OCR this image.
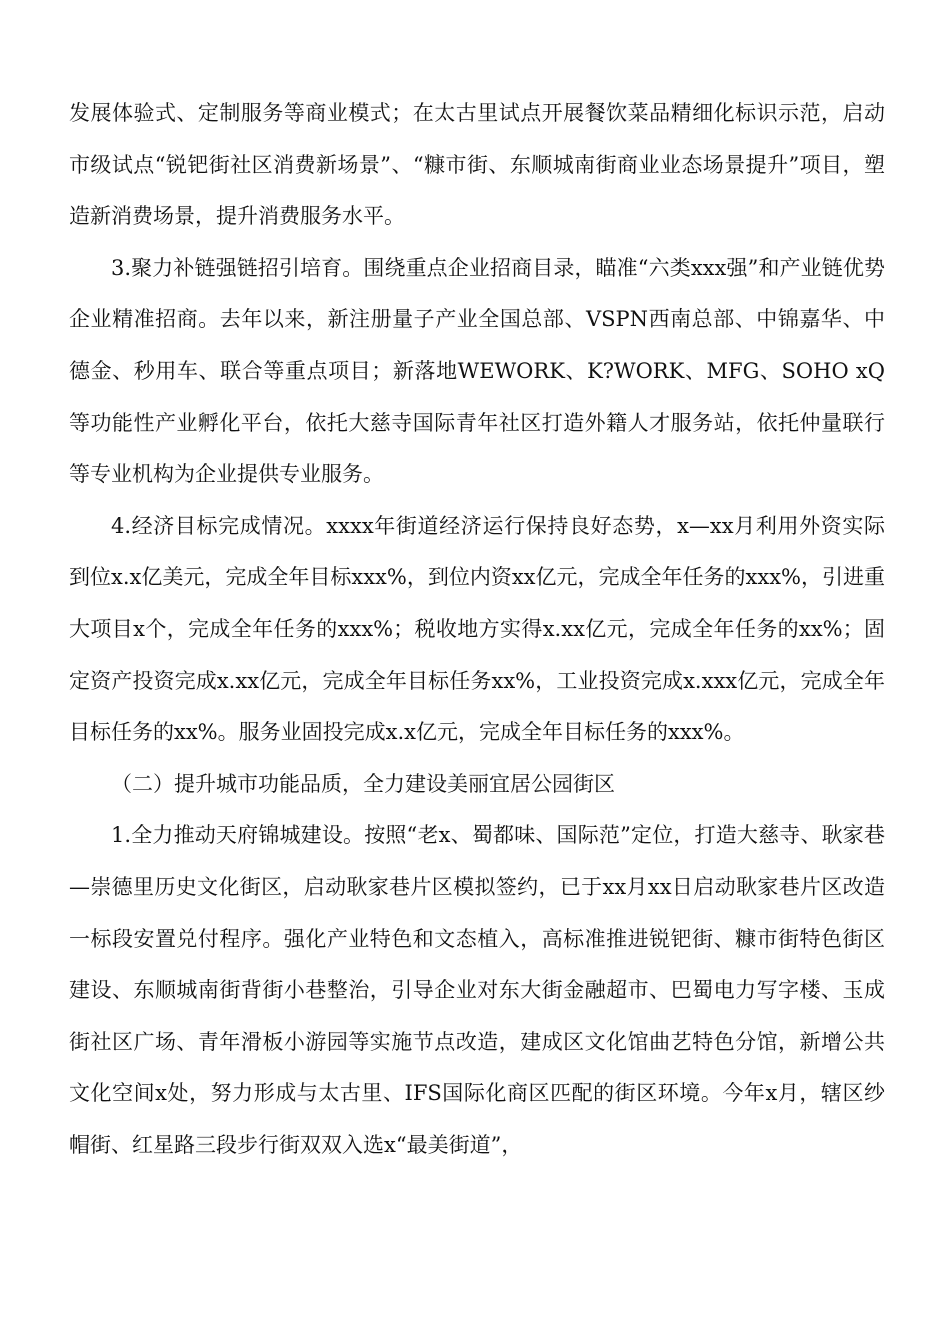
发展体验式、定制服务等商业模式；在太古里试点开展餐饮菜品精细化标识示范，启动市级试点“锐钯街社区消费新场景”、“糠市街、东顺城南街商业业态场景提升”项目，塑造新消费场景，提升消费服务水平。

3.聚力补链强链招引培育。围绕重点企业招商目录，瞄准“六类xxx强”和产业链优势企业精准招商。去年以来，新注册量子产业全国总部、VSPN西南总部、中锦嘉华、中德金、秒用车、联合等重点项目；新落地WEWORK、K?WORK、MFG、SOHO xQ等功能性产业孵化平台，依托大慈寺国际青年社区打造外籍人才服务站，依托仲量联行等专业机构为企业提供专业服务。

4.经济目标完成情况。xxxx年街道经济运行保持良好态势，x—xx月利用外资实际到位x.x亿美元，完成全年目标xxx%，到位内资xx亿元，完成全年任务的xxx%，引进重大项目x个，完成全年任务的xxx%；税收地方实得x.xx亿元，完成全年任务的xx%；固定资产投资完成x.xx亿元，完成全年目标任务xx%，工业投资完成x.xxx亿元，完成全年目标任务的xx%。服务业固投完成x.x亿元，完成全年目标任务的xxx%。

（二）提升城市功能品质，全力建设美丽宜居公园街区

1.全力推动天府锦城建设。按照“老x、蜀都味、国际范”定位，打造大慈寺、耿家巷—崇德里历史文化街区，启动耿家巷片区模拟签约，已于xx月xx日启动耿家巷片区改造一标段安置兑付程序。强化产业特色和文态植入，高标准推进锐钯街、糠市街特色街区建设、东顺城南街背街小巷整治，引导企业对东大街金融超市、巴蜀电力写字楼、玉成街社区广场、青年滑板小游园等实施节点改造，建成区文化馆曲艺特色分馆，新增公共文化空间x处，努力形成与太古里、IFS国际化商区匹配的街区环境。今年x月，辖区纱帽街、红星路三段步行街双双入选x“最美街道”，
